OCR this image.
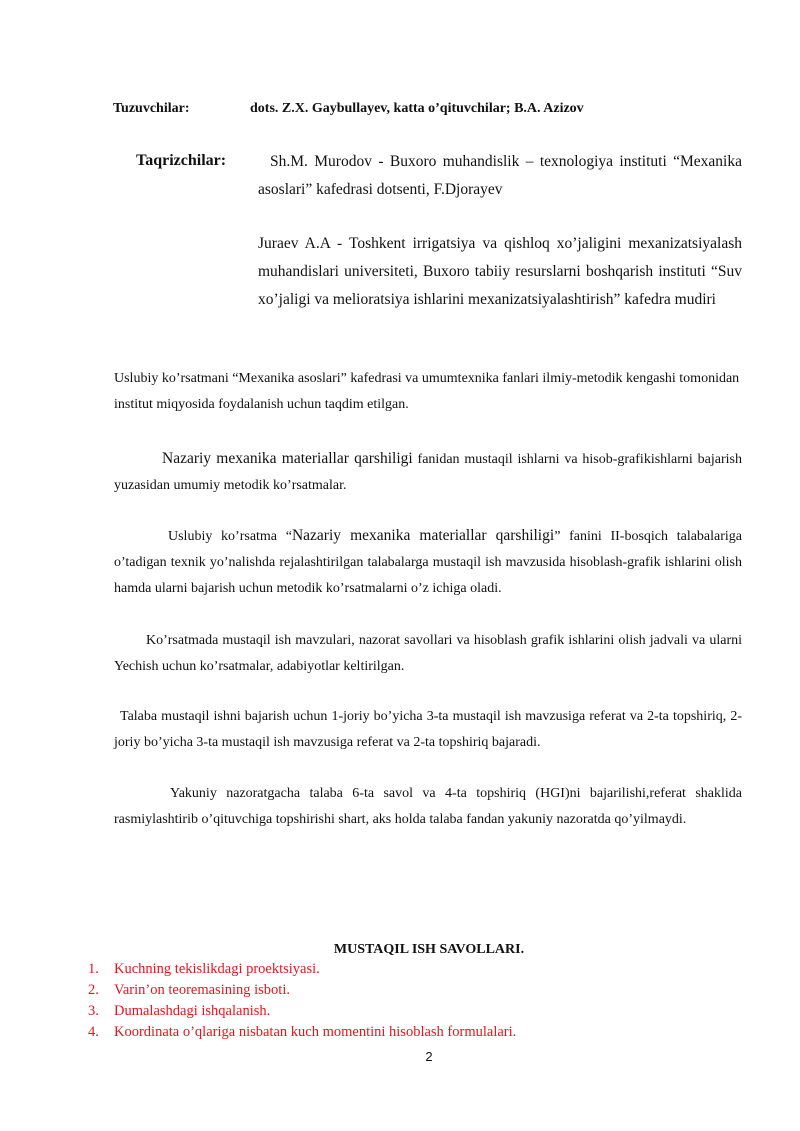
Tuzuvchilar:	dots. Z.X. Gaybullayev, katta o’qituvchilar; B.A. Azizov
Taqrizchilar:	Sh.M. Murodov - Buxoro muhandislik – texnologiya instituti “Mexanika asoslari” kafedrasi dotsenti, F.Djorayev
Juraev A.A - Toshkent irrigatsiya va qishloq xo’jaligini mexanizatsiyalash muhandislari universiteti, Buxoro tabiiy resurslarni boshqarish instituti “Suv xo’jaligi va melioratsiya ishlarini mexanizatsiyalashtirish” kafedra mudiri
Uslubiy ko’rsatmani “Mexanika asoslari” kafedrasi va umumtexnika fanlari ilmiy-metodik kengashi tomonidan institut miqyosida foydalanish uchun taqdim etilgan.
Nazariy mexanika materiallar qarshiligi fanidan mustaqil ishlarni va hisob-grafikishlarni bajarish yuzasidan umumiy metodik ko’rsatmalar.
Uslubiy ko’rsatma “Nazariy mexanika materiallar qarshiligi” fanini II-bosqich talabalariga o’tadigan texnik yo’nalishda rejalashtirilgan talabalarga mustaqil ish mavzusida hisoblash-grafik ishlarini olish hamda ularni bajarish uchun metodik ko’rsatmalarni o’z ichiga oladi.
Ko’rsatmada mustaqil ish mavzulari, nazorat savollari va hisoblash grafik ishlarini olish jadvali va ularni Yechish uchun ko’rsatmalar, adabiyotlar keltirilgan.
Talaba mustaqil ishni bajarish uchun 1-joriy bo’yicha 3-ta mustaqil ish mavzusiga referat va 2-ta topshiriq, 2-joriy bo’yicha 3-ta mustaqil ish mavzusiga referat va 2-ta topshiriq bajaradi.
Yakuniy nazoratgacha talaba 6-ta savol va 4-ta topshiriq (HGI)ni bajarilishi,referat shaklida rasmiylashtirib o’qituvchiga topshirishi shart, aks holda talaba fandan yakuniy nazoratda qo’yilmaydi.
MUSTAQIL ISH SAVOLLARI.
1.	Kuchning tekislikdagi proektsiyasi.
2.	Varin’on teoremasining isboti.
3.	Dumalashdagi ishqalanish.
4.	Koordinata o’qlariga nisbatan kuch momentini hisoblash formulalari.
2
